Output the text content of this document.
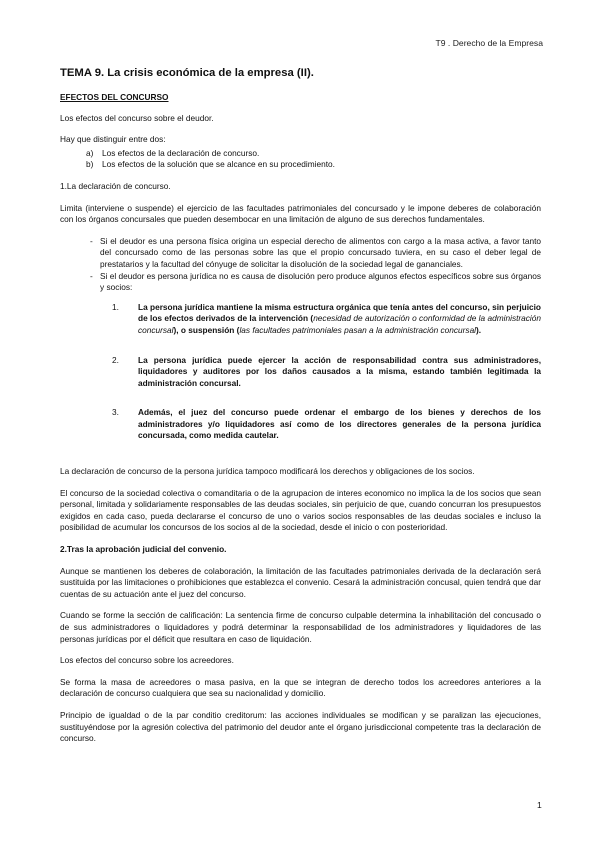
T9 . Derecho de la Empresa
TEMA 9. La crisis económica de la empresa (II).
EFECTOS DEL CONCURSO

Los efectos del concurso sobre el deudor.

Hay que distinguir entre dos:

a)	Los efectos de la declaración de concurso.
b)	Los efectos de la solución que se alcance en su procedimiento.

1.La declaración de concurso.

Limita (interviene o suspende) el ejercicio de las facultades patrimoniales del concursado y le impone deberes de colaboración con los órganos concursales que pueden desembocar en una limitación de alguno de sus derechos fundamentales.

- Si el deudor es una persona física origina un especial derecho de alimentos con cargo a la masa activa, a favor tanto del concursado como de las personas sobre las que el propio concursado tuviera, en su caso el deber legal de prestatarios y la facultad del cónyuge de solicitar la disolución de la sociedad legal de gananciales.
- Si el deudor es persona jurídica no es causa de disolución pero produce algunos efectos específicos sobre sus órganos y socios:
1.	La persona jurídica mantiene la misma estructura orgánica que tenía antes del concurso, sin perjuicio de los efectos derivados de la intervención (necesidad de autorización o conformidad de la administración concursal), o suspensión (las facultades patrimoniales pasan a la administración concursal).
2.	La persona jurídica puede ejercer la acción de responsabilidad contra sus administradores, liquidadores y auditores por los daños causados a la misma, estando también legitimada la administración concursal.
3.	Además, el juez del concurso puede ordenar el embargo de los bienes y derechos de los administradores y/o liquidadores así como de los directores generales de la persona jurídica concursada, como medida cautelar.

La declaración de concurso de la persona jurídica tampoco modificará los derechos y obligaciones de los socios.

El concurso de la sociedad colectiva o comanditaria o de la agrupacion de interes economico no implica la de los socios que sean personal, limitada y solidariamente responsables de las deudas sociales, sin perjuicio de que, cuando concurran los presupuestos exigidos en cada caso, pueda declararse el concurso de uno o varios socios responsables de las deudas sociales e incluso la posibilidad de acumular los concursos de los socios al de la sociedad, desde el inicio o con posterioridad.

2.Tras la aprobación judicial del convenio.

Aunque se mantienen los deberes de colaboración, la limitación de las facultades patrimoniales derivada de la declaración será sustituida por las limitaciones o prohibiciones que establezca el convenio. Cesará la administración concusal, quien tendrá que dar cuentas de su actuación ante el juez del concurso.

Cuando se forme la sección de calificación: La sentencia firme de concurso culpable determina la inhabilitación del concusado o de sus administradores o liquidadores y podrá determinar la responsabilidad de los administradores y liquidadores de las personas jurídicas por el déficit que resultara en caso de liquidación.

Los efectos del concurso sobre los acreedores.

Se forma la masa de acreedores o masa pasiva, en la que se integran de derecho todos los acreedores anteriores a la declaración de concurso cualquiera que sea su nacionalidad y domicilio.

Principio de igualdad o de la par conditio creditorum: las acciones individuales se modifican y se paralizan las ejecuciones, sustituyéndose por la agresión colectiva del patrimonio del deudor ante el órgano jurisdiccional competente tras la declaración de concurso.

1
